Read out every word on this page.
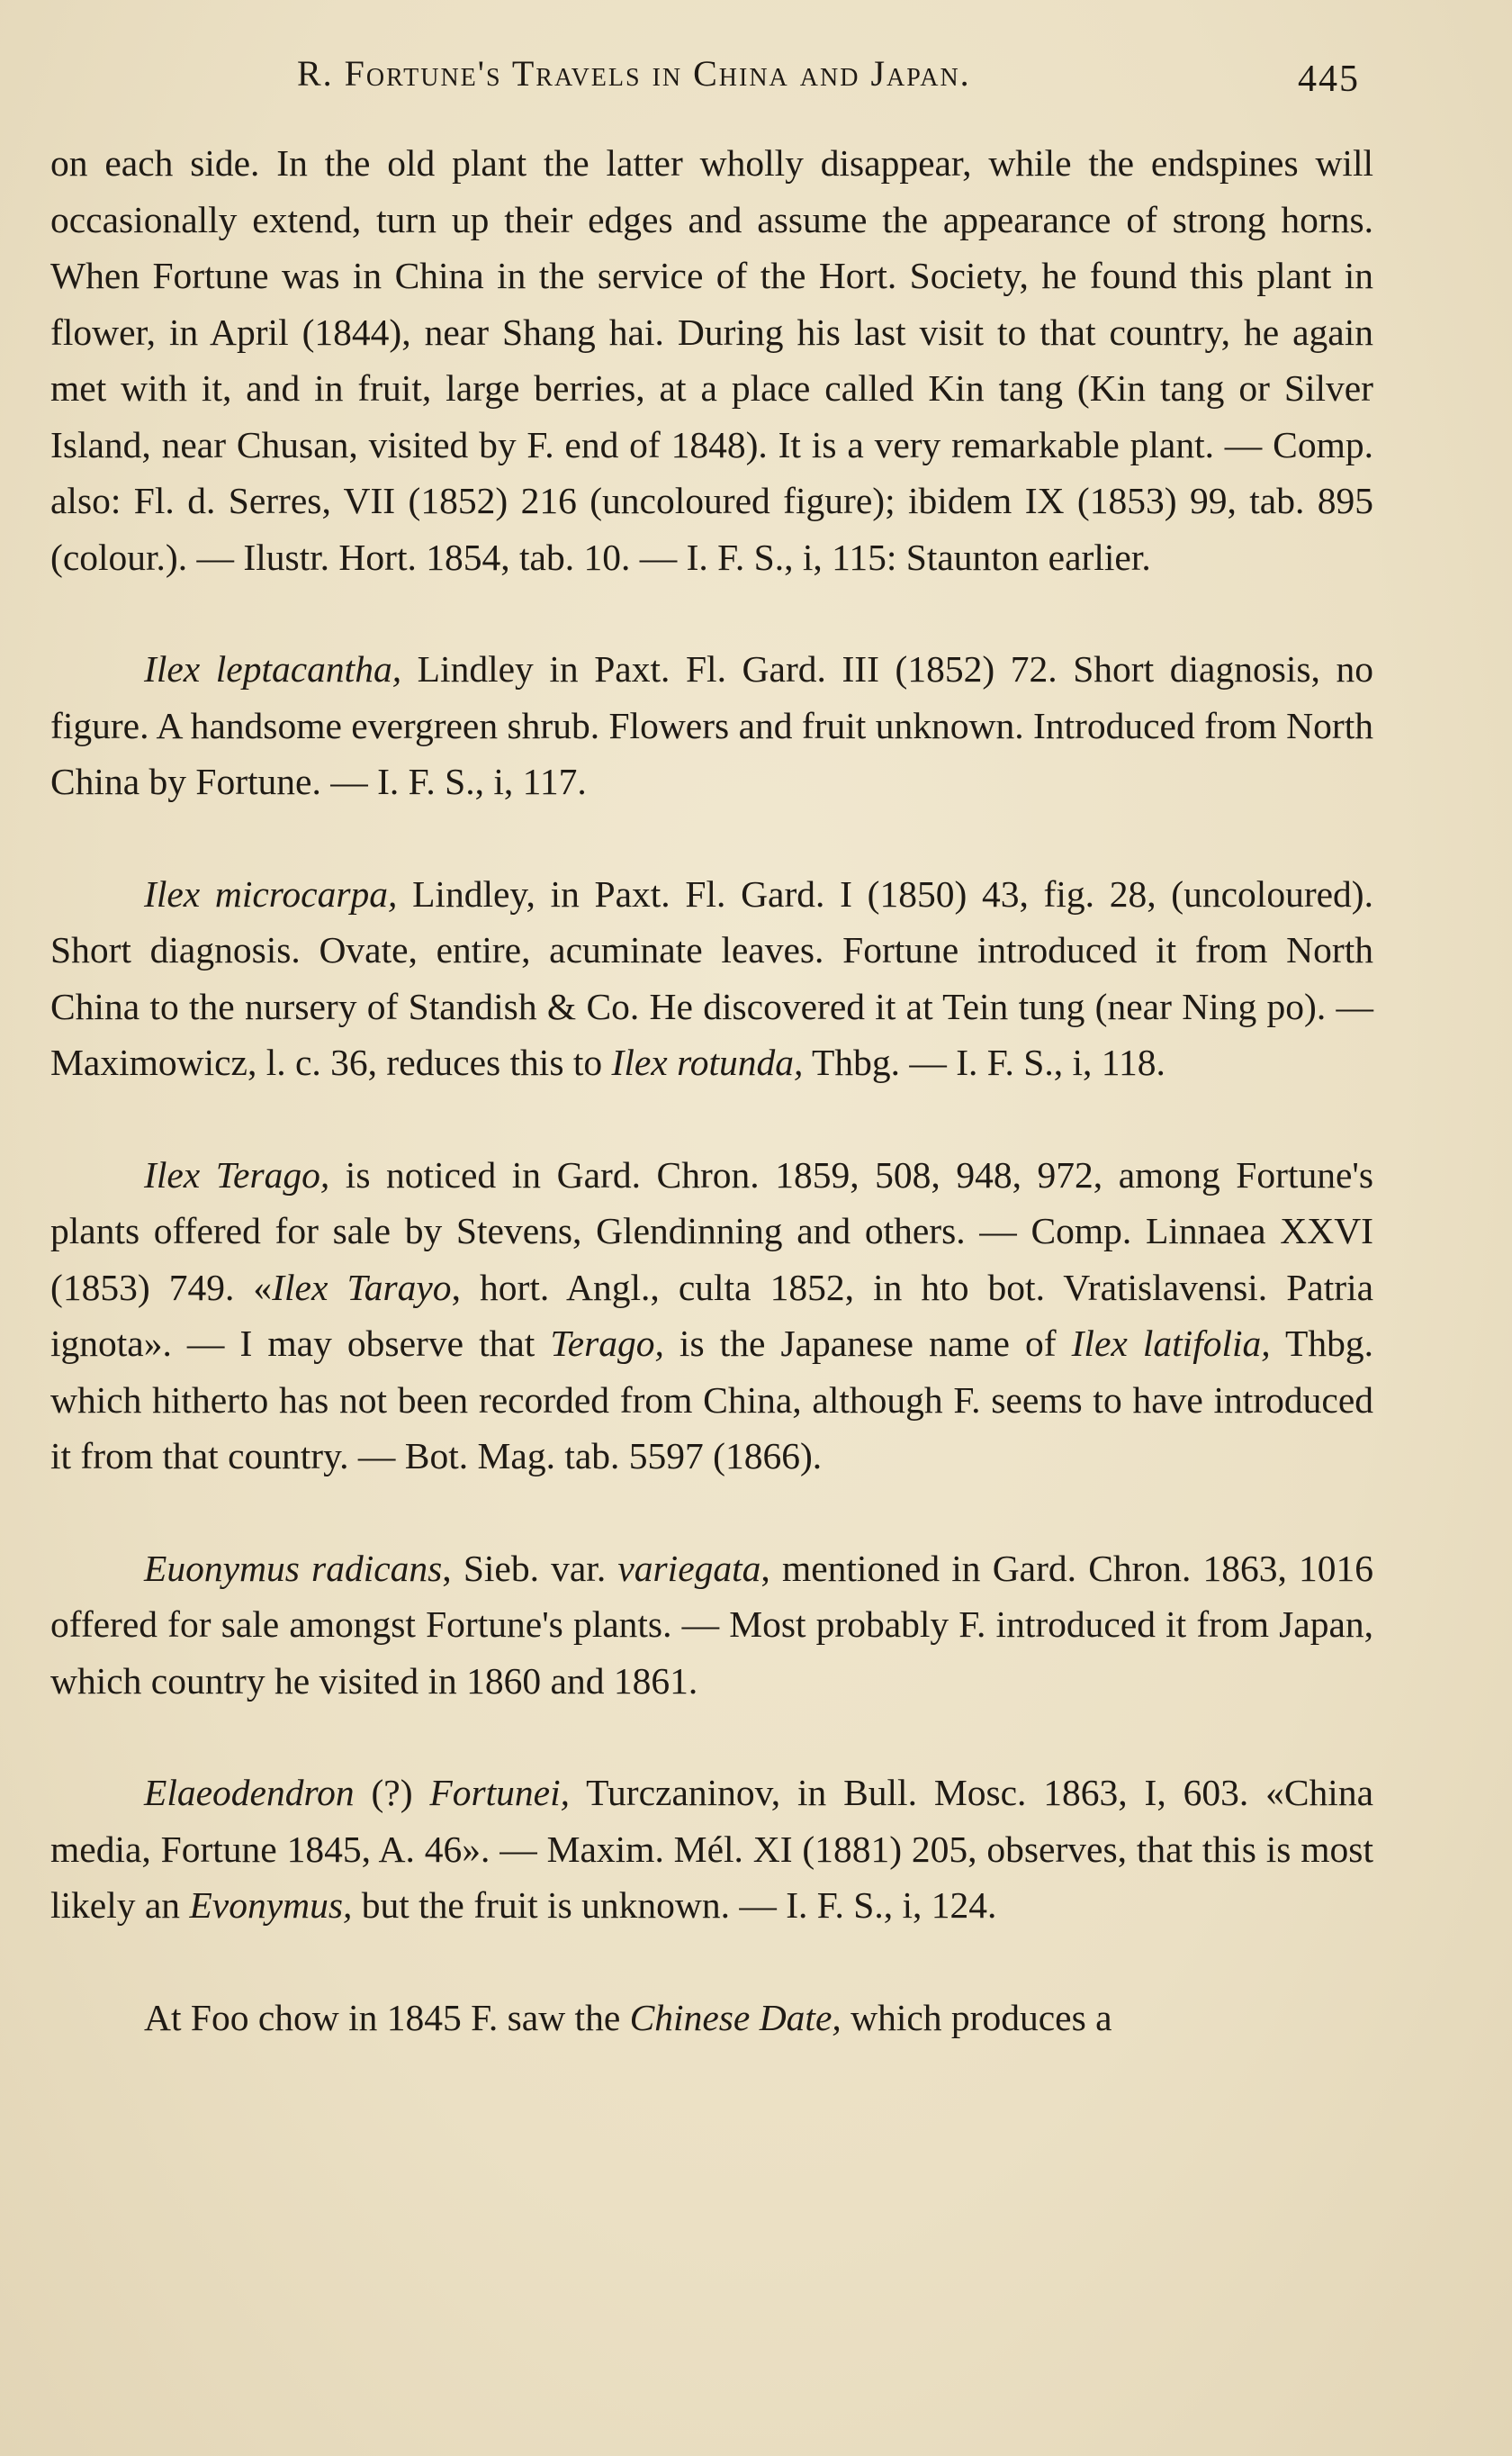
R. Fortune's Travels in China and Japan.	445

on each side. In the old plant the latter wholly disappear, while the endspines will occasionally extend, turn up their edges and assume the appearance of strong horns. When Fortune was in China in the service of the Hort. Society, he found this plant in flower, in April (1844), near Shang hai. During his last visit to that country, he again met with it, and in fruit, large berries, at a place called Kin tang (Kin tang or Silver Island, near Chusan, visited by F. end of 1848). It is a very remarkable plant. — Comp. also: Fl. d. Serres, VII (1852) 216 (uncoloured figure); ibidem IX (1853) 99, tab. 895 (colour.). — Ilustr. Hort. 1854, tab. 10. — I. F. S., i, 115: Staunton earlier.

Ilex leptacantha, Lindley in Paxt. Fl. Gard. III (1852) 72. Short diagnosis, no figure. A handsome evergreen shrub. Flowers and fruit unknown. Introduced from North China by Fortune. — I. F. S., i, 117.

Ilex microcarpa, Lindley, in Paxt. Fl. Gard. I (1850) 43, fig. 28, (uncoloured). Short diagnosis. Ovate, entire, acuminate leaves. Fortune introduced it from North China to the nursery of Standish & Co. He discovered it at Tein tung (near Ning po). — Maximowicz, l. c. 36, reduces this to Ilex rotunda, Thbg. — I. F. S., i, 118.

Ilex Terago, is noticed in Gard. Chron. 1859, 508, 948, 972, among Fortune's plants offered for sale by Stevens, Glendinning and others. — Comp. Linnaea XXVI (1853) 749. «Ilex Tarayo, hort. Angl., culta 1852, in hto bot. Vratislavensi. Patria ignota». — I may observe that Terago, is the Japanese name of Ilex latifolia, Thbg. which hitherto has not been recorded from China, although F. seems to have introduced it from that country. — Bot. Mag. tab. 5597 (1866).

Euonymus radicans, Sieb. var. variegata, mentioned in Gard. Chron. 1863, 1016 offered for sale amongst Fortune's plants. — Most probably F. introduced it from Japan, which country he visited in 1860 and 1861.

Elaeodendron (?) Fortunei, Turczaninov, in Bull. Mosc. 1863, I, 603. «China media, Fortune 1845, A. 46». — Maxim. Mél. XI (1881) 205, observes, that this is most likely an Evonymus, but the fruit is unknown. — I. F. S., i, 124.

At Foo chow in 1845 F. saw the Chinese Date, which produces a
